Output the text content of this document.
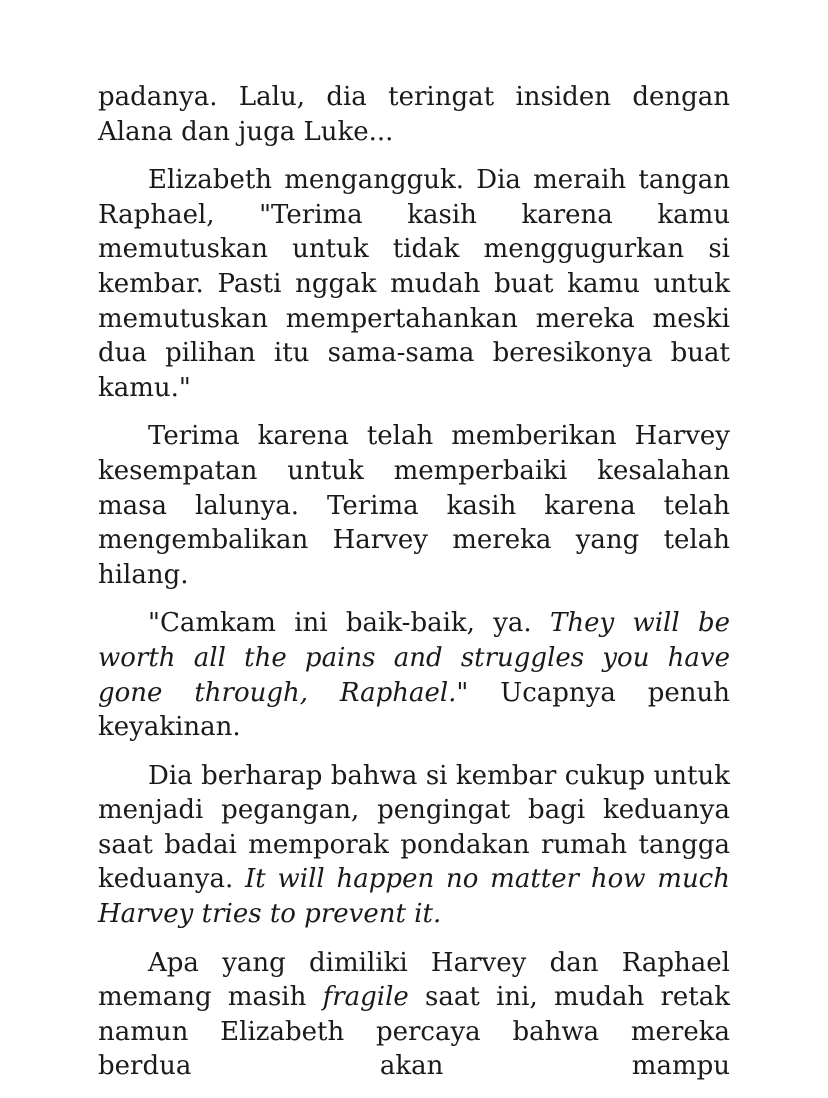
padanya. Lalu, dia teringat insiden dengan Alana dan juga Luke...

Elizabeth mengangguk. Dia meraih tangan Raphael, "Terima kasih karena kamu memutuskan untuk tidak menggugurkan si kembar. Pasti nggak mudah buat kamu untuk memutuskan mempertahankan mereka meski dua pilihan itu sama-sama beresikonya buat kamu."

Terima karena telah memberikan Harvey kesempatan untuk memperbaiki kesalahan masa lalunya. Terima kasih karena telah mengembalikan Harvey mereka yang telah hilang.

"Camkam ini baik-baik, ya. They will be worth all the pains and struggles you have gone through, Raphael." Ucapnya penuh keyakinan.

Dia berharap bahwa si kembar cukup untuk menjadi pegangan, pengingat bagi keduanya saat badai memporak pondakan rumah tangga keduanya. It will happen no matter how much Harvey tries to prevent it.

Apa yang dimiliki Harvey dan Raphael memang masih fragile saat ini, mudah retak namun Elizabeth percaya bahwa mereka berdua akan mampu
